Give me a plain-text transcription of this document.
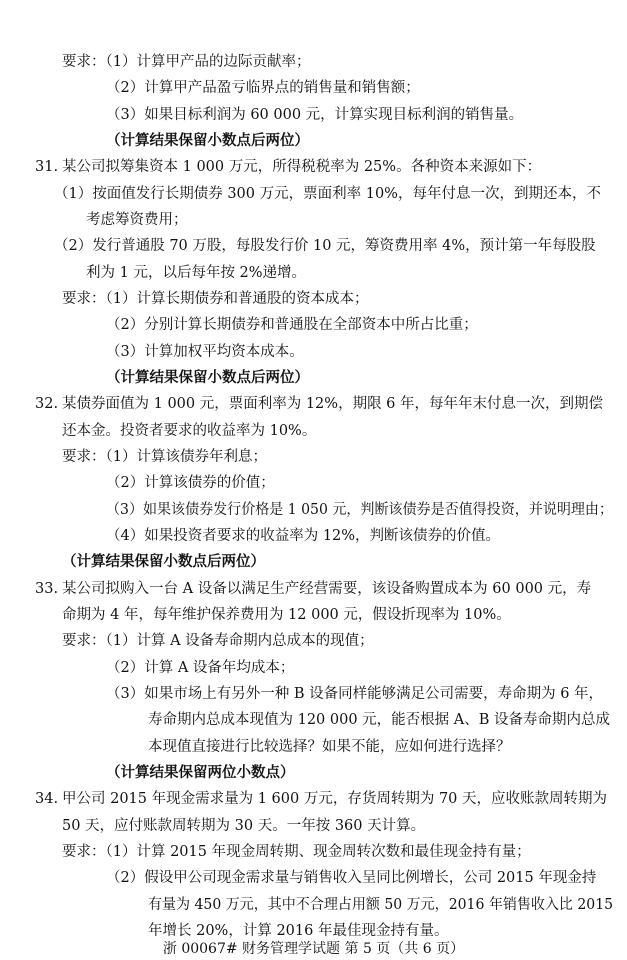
要求：（1）计算甲产品的边际贡献率；
（2）计算甲产品盈亏临界点的销售量和销售额；
（3）如果目标利润为 60 000 元，计算实现目标利润的销售量。
（计算结果保留小数点后两位）
31. 某公司拟筹集资本 1 000 万元，所得税税率为 25%。各种资本来源如下：
（1）按面值发行长期债券 300 万元，票面利率 10%，每年付息一次，到期还本，不
考虑筹资费用；
（2）发行普通股 70 万股，每股发行价 10 元，筹资费用率 4%，预计第一年每股股
利为 1 元，以后每年按 2%递增。
要求：（1）计算长期债券和普通股的资本成本；
（2）分别计算长期债券和普通股在全部资本中所占比重；
（3）计算加权平均资本成本。
（计算结果保留小数点后两位）
32. 某债券面值为 1 000 元，票面利率为 12%，期限 6 年，每年年末付息一次，到期偿
还本金。投资者要求的收益率为 10%。
要求：（1）计算该债券年利息；
（2）计算该债券的价值；
（3）如果该债券发行价格是 1 050 元，判断该债券是否值得投资，并说明理由；
（4）如果投资者要求的收益率为 12%，判断该债券的价值。
（计算结果保留小数点后两位）
33. 某公司拟购入一台 A 设备以满足生产经营需要，该设备购置成本为 60 000 元，寿
命期为 4 年，每年维护保养费用为 12 000 元，假设折现率为 10%。
要求：（1）计算 A 设备寿命期内总成本的现值；
（2）计算 A 设备年均成本；
（3）如果市场上有另外一种 B 设备同样能够满足公司需要，寿命期为 6 年，
寿命期内总成本现值为 120 000 元，能否根据 A、B 设备寿命期内总成
本现值直接进行比较选择？如果不能，应如何进行选择？
（计算结果保留两位小数点）
34. 甲公司 2015 年现金需求量为 1 600 万元，存货周转期为 70 天，应收账款周转期为
50 天，应付账款周转期为 30 天。一年按 360 天计算。
要求：（1）计算 2015 年现金周转期、现金周转次数和最佳现金持有量；
（2）假设甲公司现金需求量与销售收入呈同比例增长，公司 2015 年现金持
有量为 450 万元，其中不合理占用额 50 万元，2016 年销售收入比 2015
年增长 20%，计算 2016 年最佳现金持有量。
浙 00067# 财务管理学试题 第 5 页（共 6 页）
